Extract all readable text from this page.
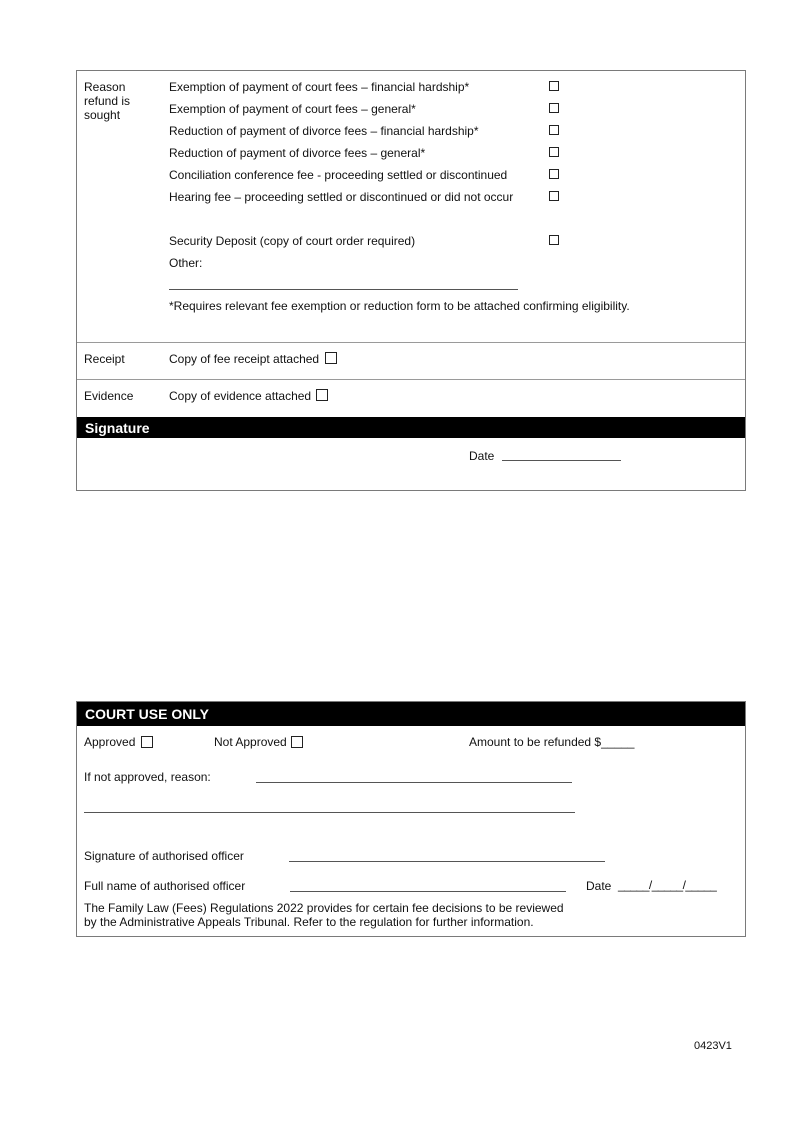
Reason refund is sought
Exemption of payment of court fees – financial hardship*
Exemption of payment of court fees – general*
Reduction of payment of divorce fees – financial hardship*
Reduction of payment of divorce fees – general*
Conciliation conference fee - proceeding settled or discontinued
Hearing fee – proceeding settled or discontinued or did not occur
Security Deposit (copy of court order required)
Other:
*Requires relevant fee exemption or reduction form to be attached confirming eligibility.
Receipt	Copy of fee receipt attached
Evidence	Copy of evidence attached
Signature
Date
COURT USE ONLY
Approved	Not Approved	Amount to be refunded $_____
If not approved, reason:
Signature of authorised officer
Full name of authorised officer	Date _____/_____/_____
The Family Law (Fees) Regulations 2022 provides for certain fee decisions to be reviewed by the Administrative Appeals Tribunal. Refer to the regulation for further information.
0423V1
